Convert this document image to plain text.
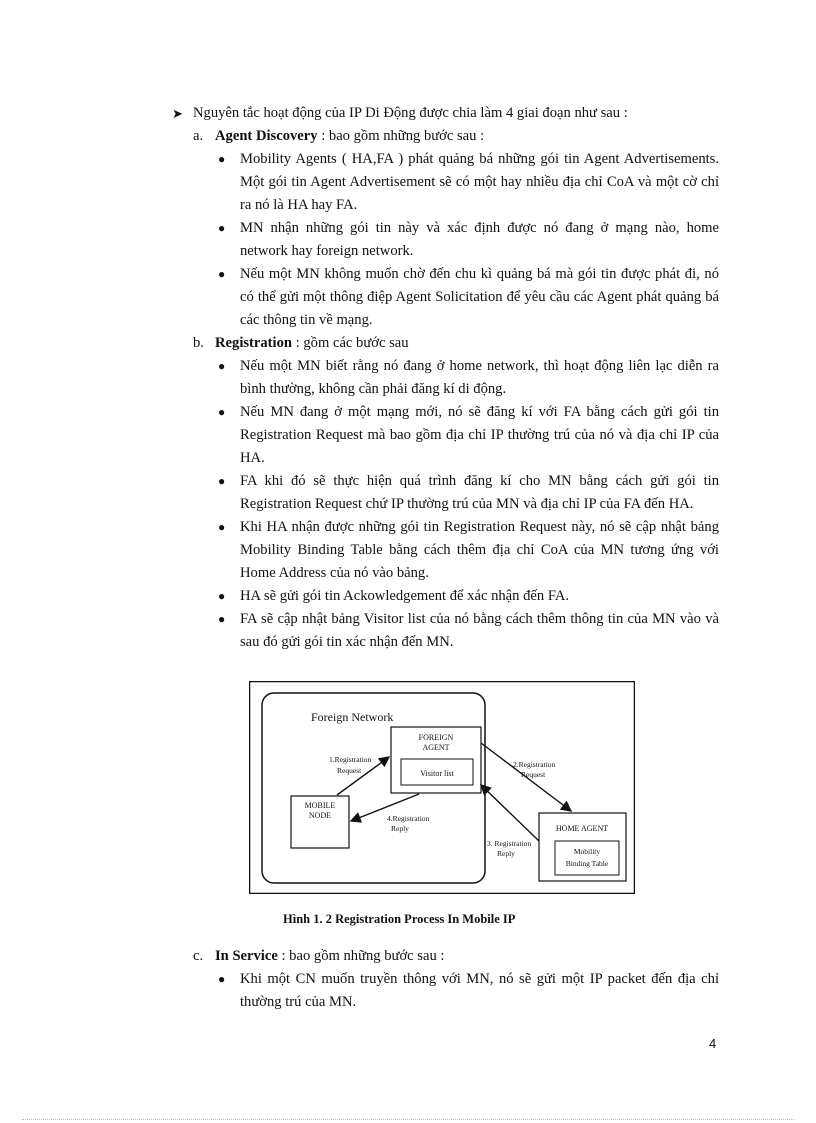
➤ Nguyên tắc hoạt động của IP Di Động được chia làm 4 giai đoạn như sau :
a. Agent Discovery : bao gồm những bước sau :
● Mobility Agents ( HA,FA ) phát quảng bá những gói tin Agent Advertisements. Một gói tin Agent Advertisement sẽ có một hay nhiều địa chỉ CoA và một cờ chỉ ra nó là HA hay FA.
● MN nhận những gói tin này và xác định được nó đang ở mạng nào, home network hay foreign network.
● Nếu một MN không muốn chờ đến chu kì quảng bá mà gói tin được phát đi, nó có thể gửi một thông điệp Agent Solicitation để yêu cầu các Agent phát quảng bá các thông tin về mạng.
b. Registration : gồm các bước sau
● Nếu một MN biết rằng nó đang ở home network, thì hoạt động liên lạc diễn ra bình thường, không cần phải đăng kí di động.
● Nếu MN đang ở một mạng mới, nó sẽ đăng kí với FA bằng cách gửi gói tin Registration Request mà bao gồm địa chỉ IP thường trú của nó và địa chỉ IP của HA.
● FA khi đó sẽ thực hiện quá trình đăng kí cho MN bằng cách gửi gói tin Registration Request chứ IP thường trú của MN và địa chỉ IP của FA đến HA.
● Khi HA nhận được những gói tin Registration Request này, nó sẽ cập nhật bảng Mobility Binding Table bằng cách thêm địa chỉ CoA của MN tương ứng với Home Address của nó vào bảng.
● HA sẽ gửi gói tin Ackowledgement để xác nhận đến FA.
● FA sẽ cập nhật bảng Visitor list của nó bằng cách thêm thông tin của MN vào và sau đó gửi gói tin xác nhận đến MN.
Foreign Network
FOREIGN
AGENT
Visitor list
MOBILE
NODE
HOME AGENT
Mobility
Binding Table
1.Registration
Request
2.Registration
Request
3. Registration
Reply
4.Registration
Reply
Hình 1. 2 Registration Process In Mobile IP
c. In Service : bao gồm những bước sau :
● Khi một CN muốn truyền thông với MN, nó sẽ gửi một IP packet đến địa chỉ thường trú của MN.
4
